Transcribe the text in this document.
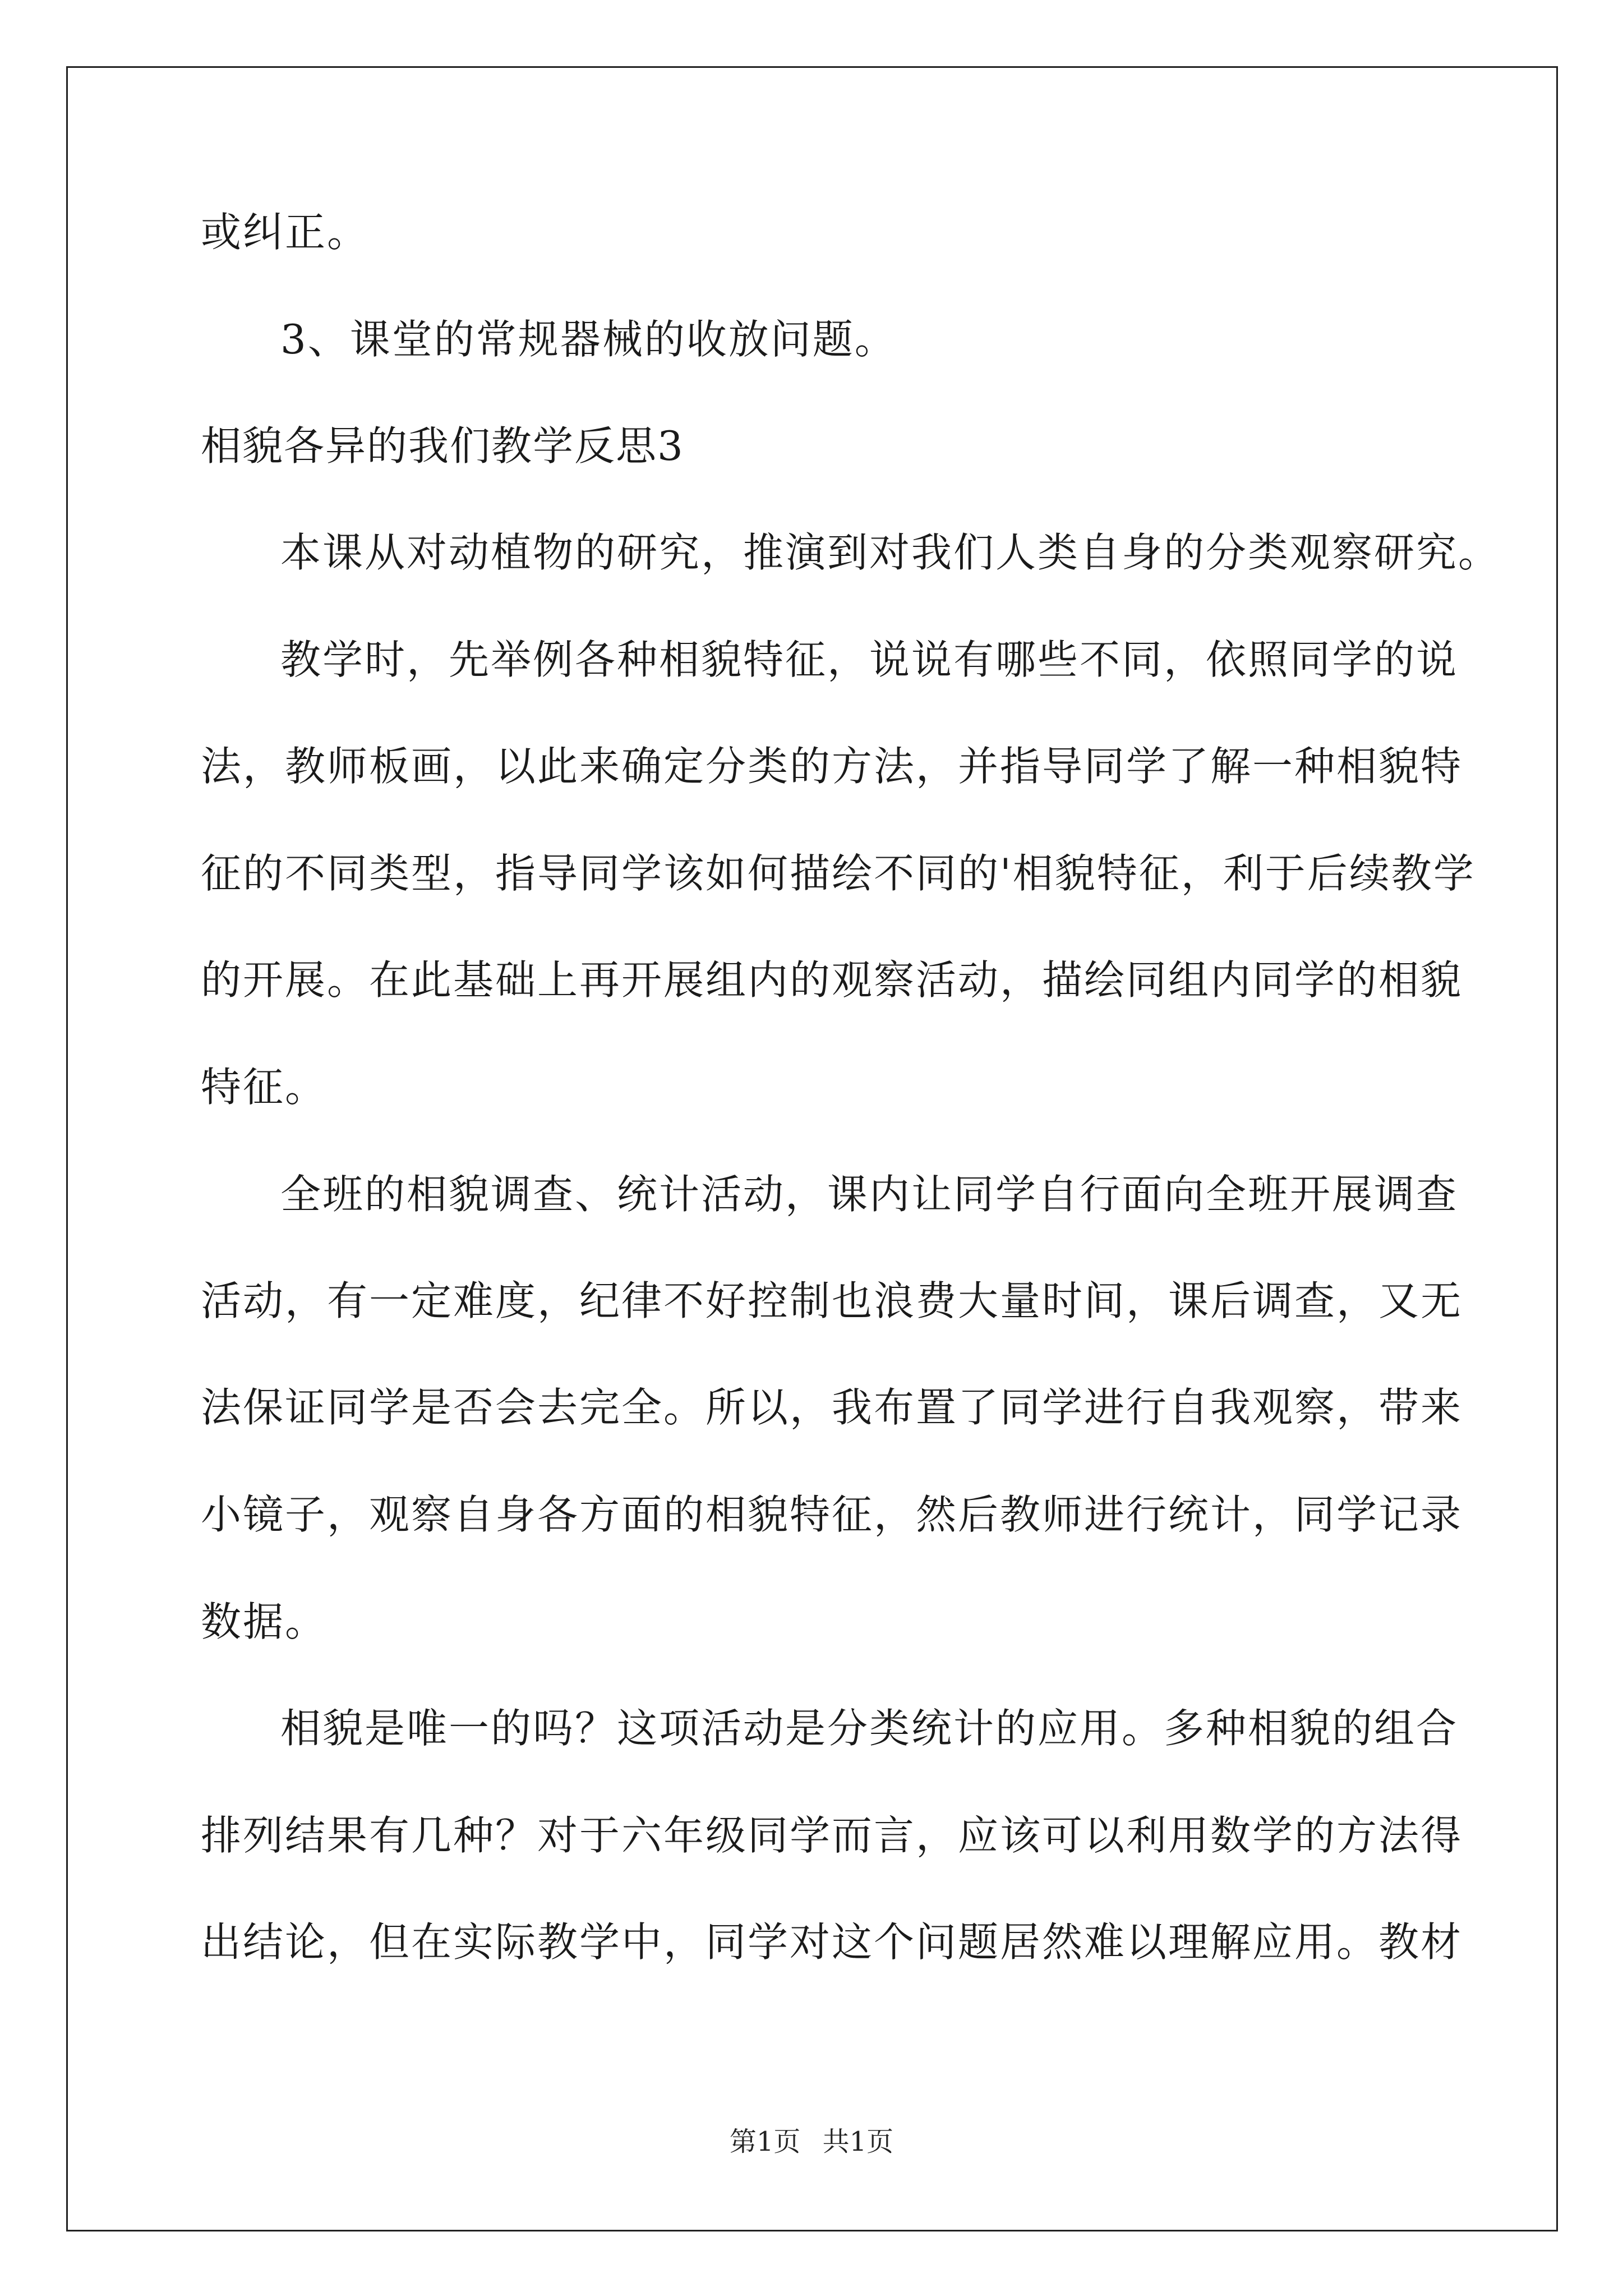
或纠正。
3、课堂的常规器械的收放问题。
相貌各异的我们教学反思3
本课从对动植物的研究，推演到对我们人类自身的分类观察研究。
教学时，先举例各种相貌特征，说说有哪些不同，依照同学的说
法，教师板画，以此来确定分类的方法，并指导同学了解一种相貌特
征的不同类型，指导同学该如何描绘不同的'相貌特征，利于后续教学
的开展。在此基础上再开展组内的观察活动，描绘同组内同学的相貌
特征。
全班的相貌调查、统计活动，课内让同学自行面向全班开展调查
活动，有一定难度，纪律不好控制也浪费大量时间，课后调查，又无
法保证同学是否会去完全。所以，我布置了同学进行自我观察，带来
小镜子，观察自身各方面的相貌特征，然后教师进行统计，同学记录
数据。
相貌是唯一的吗？这项活动是分类统计的应用。多种相貌的组合
排列结果有几种？对于六年级同学而言，应该可以利用数学的方法得
出结论，但在实际教学中，同学对这个问题居然难以理解应用。教材
第1页 共1页
